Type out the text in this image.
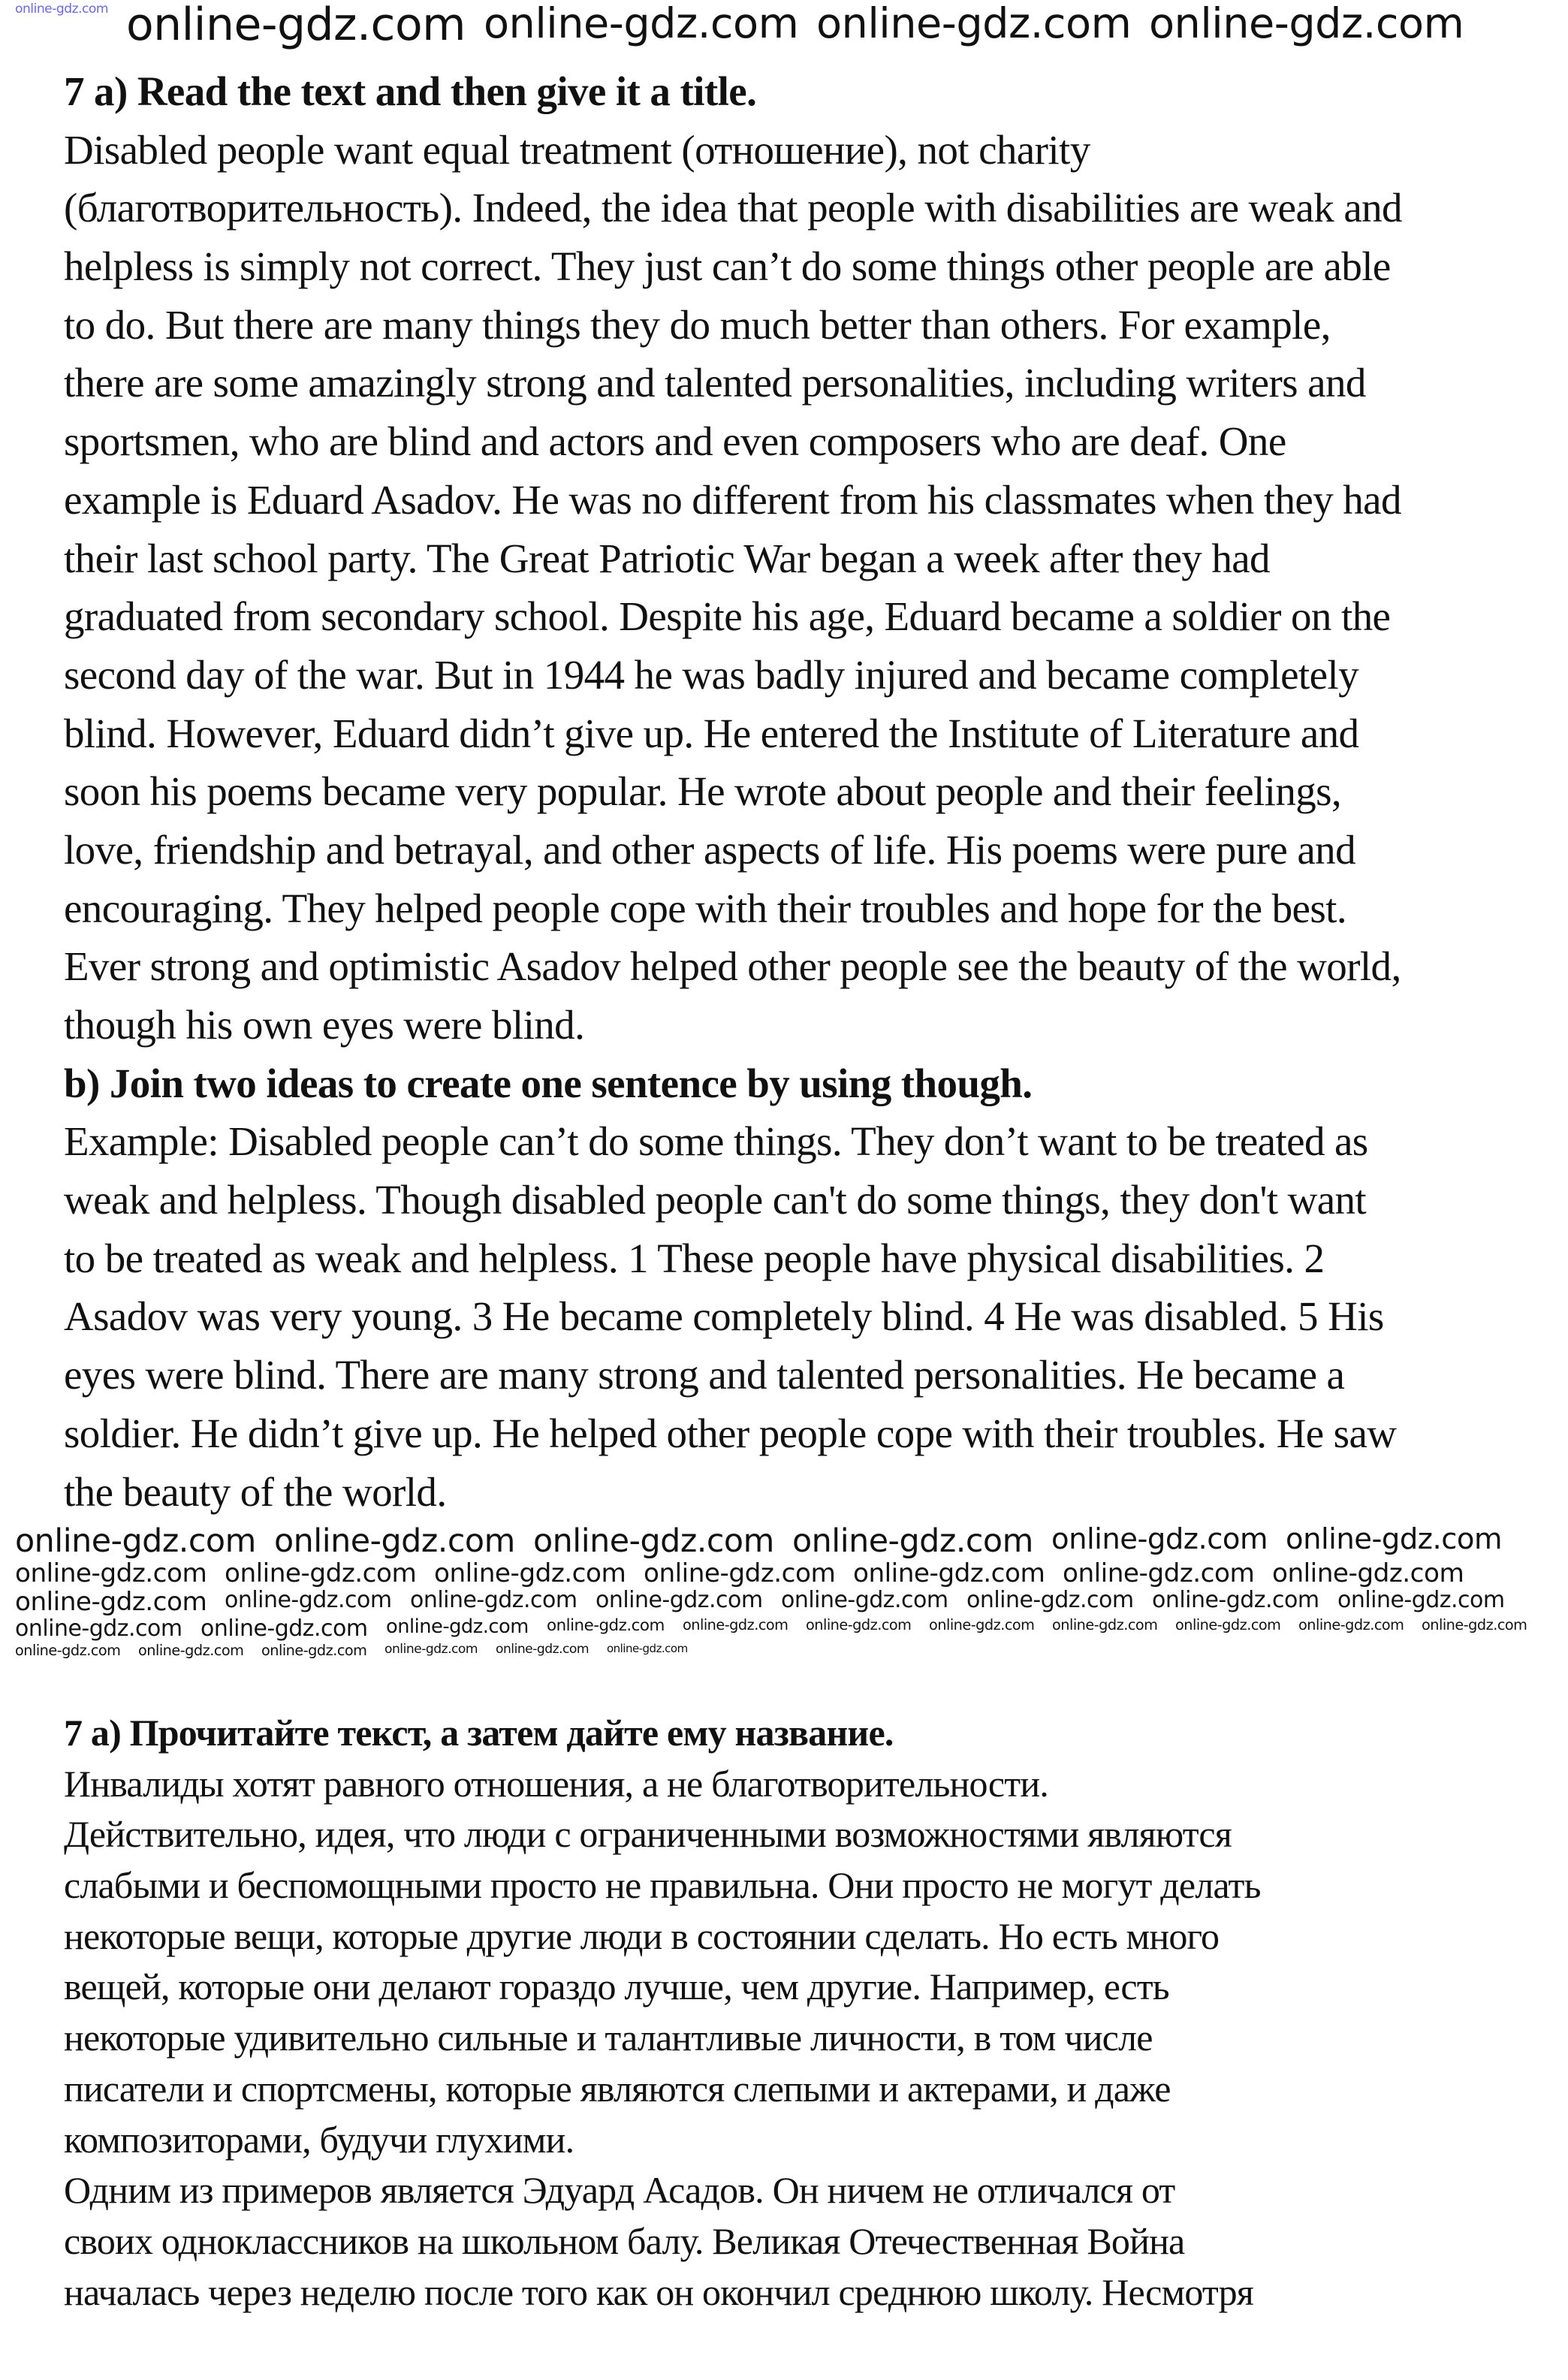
7 a) Read the text and then give it a title.
Disabled people want equal treatment (отношение), not charity
(благотворительность). Indeed, the idea that people with disabilities are weak and
helpless is simply not correct. They just can’t do some things other people are able
to do. But there are many things they do much better than others. For example,
there are some amazingly strong and talented personalities, including writers and
sportsmen, who are blind and actors and even composers who are deaf. One
example is Eduard Asadov. He was no different from his classmates when they had
their last school party. The Great Patriotic War began a week after they had
graduated from secondary school. Despite his age, Eduard became a soldier on the
second day of the war. But in 1944 he was badly injured and became completely
blind. However, Eduard didn’t give up. He entered the Institute of Literature and
soon his poems became very popular. He wrote about people and their feelings,
love, friendship and betrayal, and other aspects of life. His poems were pure and
encouraging. They helped people cope with their troubles and hope for the best.
Ever strong and optimistic Asadov helped other people see the beauty of the world,
though his own eyes were blind.
b) Join two ideas to create one sentence by using though.
Example: Disabled people can’t do some things. They don’t want to be treated as
weak and helpless. Though disabled people can't do some things, they don't want
to be treated as weak and helpless. 1 These people have physical disabilities. 2
Asadov was very young. 3 He became completely blind. 4 He was disabled. 5 His
eyes were blind. There are many strong and talented personalities. He became a
soldier. He didn’t give up. He helped other people cope with their troubles. He saw
the beauty of the world.
7 а) Прочитайте текст, а затем дайте ему название.
Инвалиды хотят равного отношения, а не благотворительности.
Действительно, идея, что люди с ограниченными возможностями являются
слабыми и беспомощными просто не правильна. Они просто не могут делать
некоторые вещи, которые другие люди в состоянии сделать. Но есть много
вещей, которые они делают гораздо лучше, чем другие. Например, есть
некоторые удивительно сильные и талантливые личности, в том числе
писатели и спортсмены, которые являются слепыми и актерами, и даже
композиторами, будучи глухими.
Одним из примеров является Эдуард Асадов. Он ничем не отличался от
своих одноклассников на школьном балу. Великая Отечественная Война
началась через неделю после того как он окончил среднюю школу. Несмотря
online-gdz.com
online-gdz.com
online-gdz.com
online-gdz.com
online-gdz.com online-gdz.com
online-gdz.com
online-gdz.com
online-gdz.com
online-gdz.com
online-gdz.com	online-gdz.com
online-gdz.com
online-gdz.com
online-gdz.com
online-gdz.com
online-gdz.com online-gdz.com
online-gdz.com
online-gdz.com
online-gdz.com
online-gdz.com
online-gdz.com
online-gdz.com
online-gdz.com
online-gdz.com
online-gdz.com online-gdz.com
online-gdz.com
online-gdz.com online-gdz.com
online-gdz.com
online-gdz.com
online-gdz.com
online-gdz.com
online-gdz.com
online-gdz.com
online-gdz.com
online-gdz.com
online-gdz.com
online-gdz.com
online-gdz.com
online-gdz.com
